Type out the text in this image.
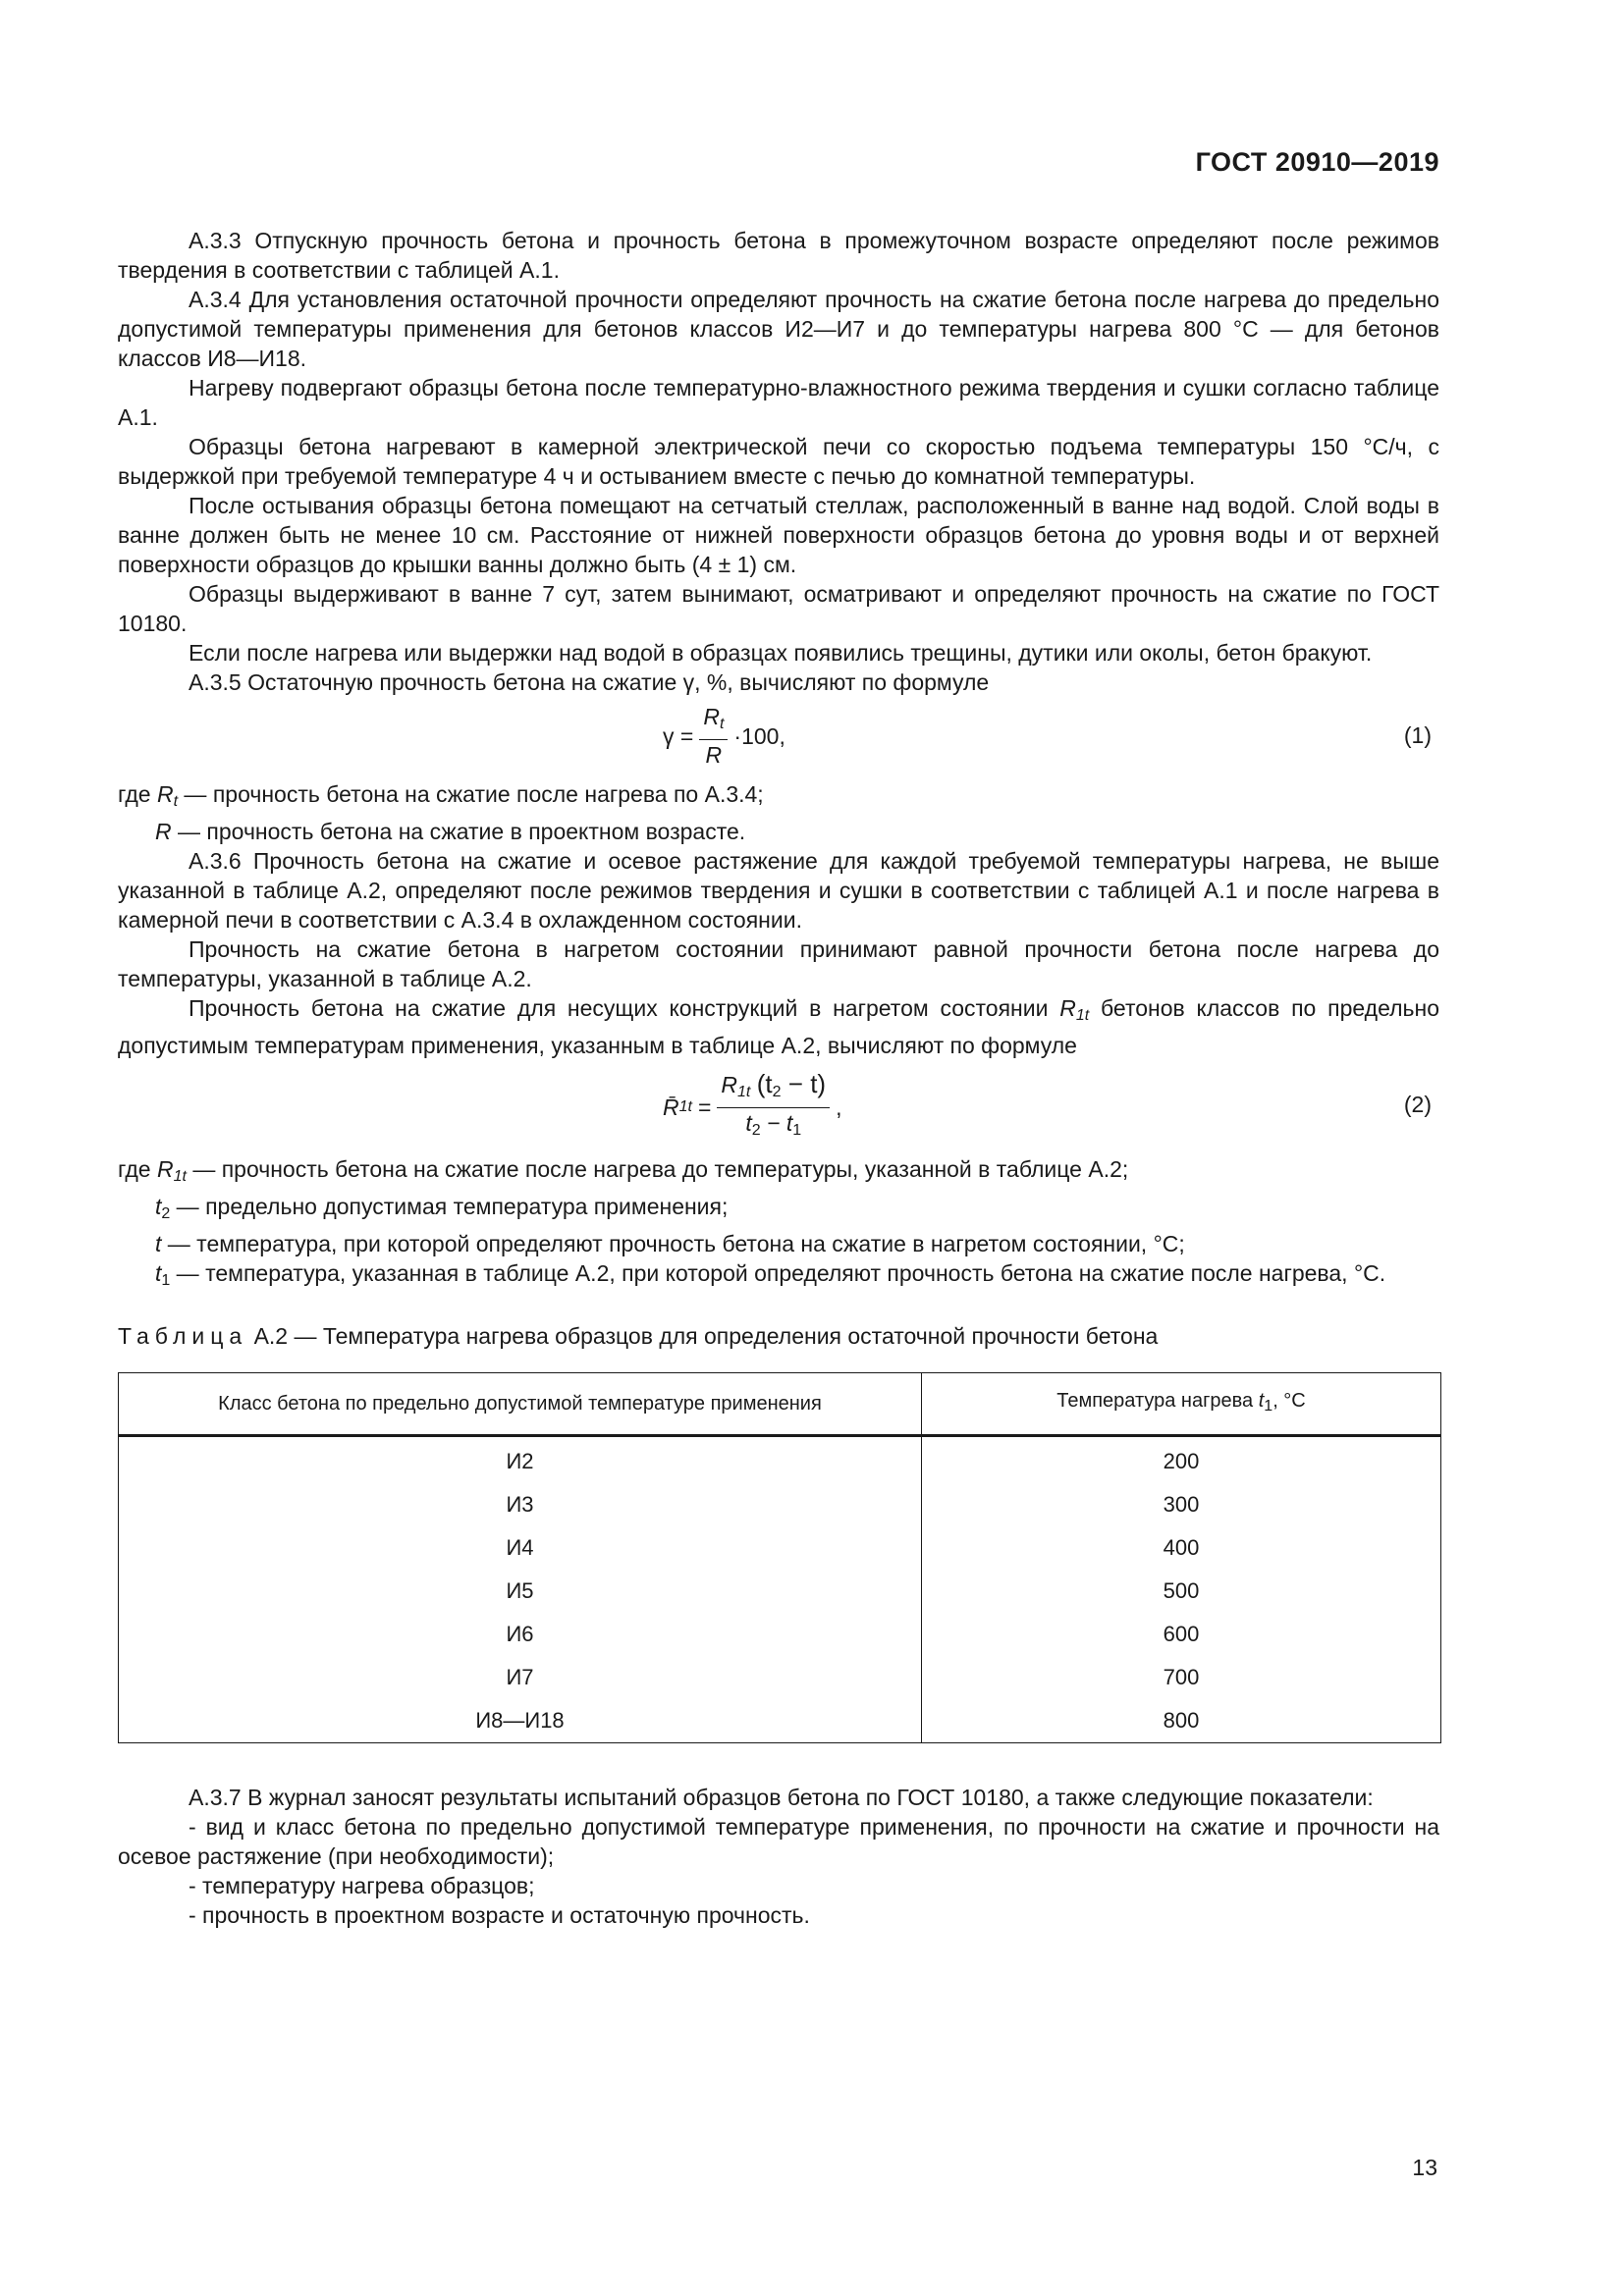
ГОСТ 20910—2019

А.3.3 Отпускную прочность бетона и прочность бетона в промежуточном возрасте определяют после режимов твердения в соответствии с таблицей А.1.

А.3.4 Для установления остаточной прочности определяют прочность на сжатие бетона после нагрева до предельно допустимой температуры применения для бетонов классов И2—И7 и до температуры нагрева 800 °С — для бетонов классов И8—И18.

Нагреву подвергают образцы бетона после температурно-влажностного режима твердения и сушки согласно таблице А.1.

Образцы бетона нагревают в камерной электрической печи со скоростью подъема температуры 150 °С/ч, с выдержкой при требуемой температуре 4 ч и остыванием вместе с печью до комнатной температуры.

После остывания образцы бетона помещают на сетчатый стеллаж, расположенный в ванне над водой. Слой воды в ванне должен быть не менее 10 см. Расстояние от нижней поверхности образцов бетона до уровня воды и от верхней поверхности образцов до крышки ванны должно быть (4 ± 1) см.

Образцы выдерживают в ванне 7 сут, затем вынимают, осматривают и определяют прочность на сжатие по ГОСТ 10180.

Если после нагрева или выдержки над водой в образцах появились трещины, дутики или околы, бетон бракуют.

А.3.5 Остаточную прочность бетона на сжатие γ, %, вычисляют по формуле

$\gamma = \frac{R_t}{R} \cdot 100$,	(1)

где $R_t$ — прочность бетона на сжатие после нагрева по А.3.4;

R — прочность бетона на сжатие в проектном возрасте.

А.3.6 Прочность бетона на сжатие и осевое растяжение для каждой требуемой температуры нагрева, не выше указанной в таблице А.2, определяют после режимов твердения и сушки в соответствии с таблицей А.1 и после нагрева в камерной печи в соответствии с А.3.4 в охлажденном состоянии.

Прочность на сжатие бетона в нагретом состоянии принимают равной прочности бетона после нагрева до температуры, указанной в таблице А.2.

Прочность бетона на сжатие для несущих конструкций в нагретом состоянии $R_{1t}$ бетонов классов по предельно допустимым температурам применения, указанным в таблице А.2, вычисляют по формуле

R̄ $1t = \frac{R_{1t} (t_2 - t)}{t_2 - t_1}$ ,	(2)

где $R_{1t}$ — прочность бетона на сжатие после нагрева до температуры, указанной в таблице А.2;

$t_2$ — предельно допустимая температура применения;

t — температура, при которой определяют прочность бетона на сжатие в нагретом состоянии, °С;

$t_1$ — температура, указанная в таблице А.2, при которой определяют прочность бетона на сжатие после нагрева, °С.

Таблица А.2 — Температура нагрева образцов для определения остаточной прочности бетона

Класс бетона по предельно допустимой температуре применения	Температура нагрева $t_1$, °С
И2	200
И3	300
И4	400
И5	500
И6	600
И7	700
И8—И18	800

А.3.7 В журнал заносят результаты испытаний образцов бетона по ГОСТ 10180, а также следующие показатели:

- вид и класс бетона по предельно допустимой температуре применения, по прочности на сжатие и прочности на осевое растяжение (при необходимости);

- температуру нагрева образцов;

- прочность в проектном возрасте и остаточную прочность.

13
